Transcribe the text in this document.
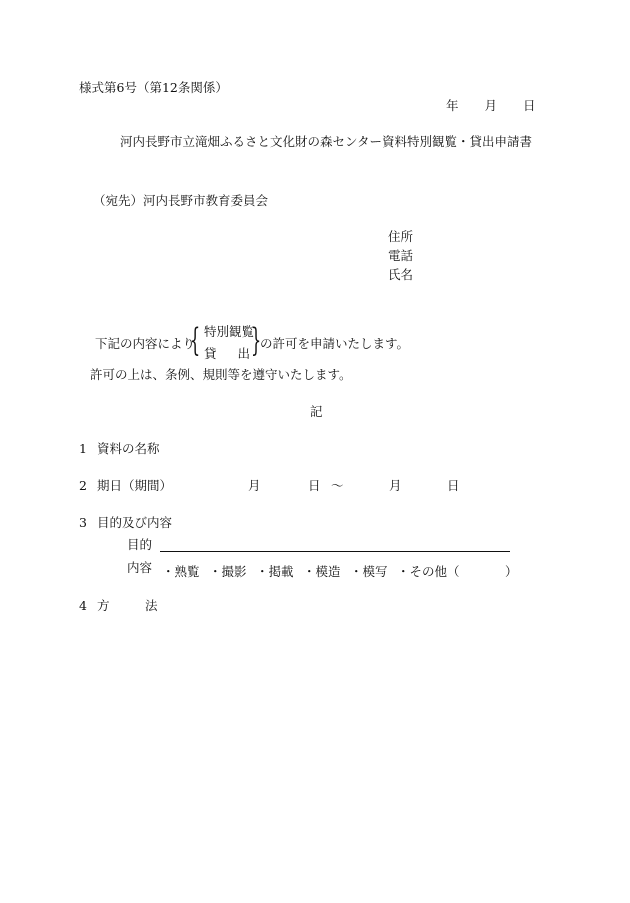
様式第6号（第12条関係）
年 月 日
河内長野市立滝畑ふるさと文化財の森センター資料特別観覧・貸出申請書
（宛先）河内長野市教育委員会
住所
電話
氏名
下記の内容により
{ 特別観覧
貸 出 }
の許可を申請いたします。
許可の上は、条例、規則等を遵守いたします。
記
1 資料の名称
2 期日（期間）	月	日 ～	月	日
3 目的及び内容
目的
内容 ・熟覧 ・撮影 ・掲載 ・模造 ・模写 ・その他（	）
4 方	法
